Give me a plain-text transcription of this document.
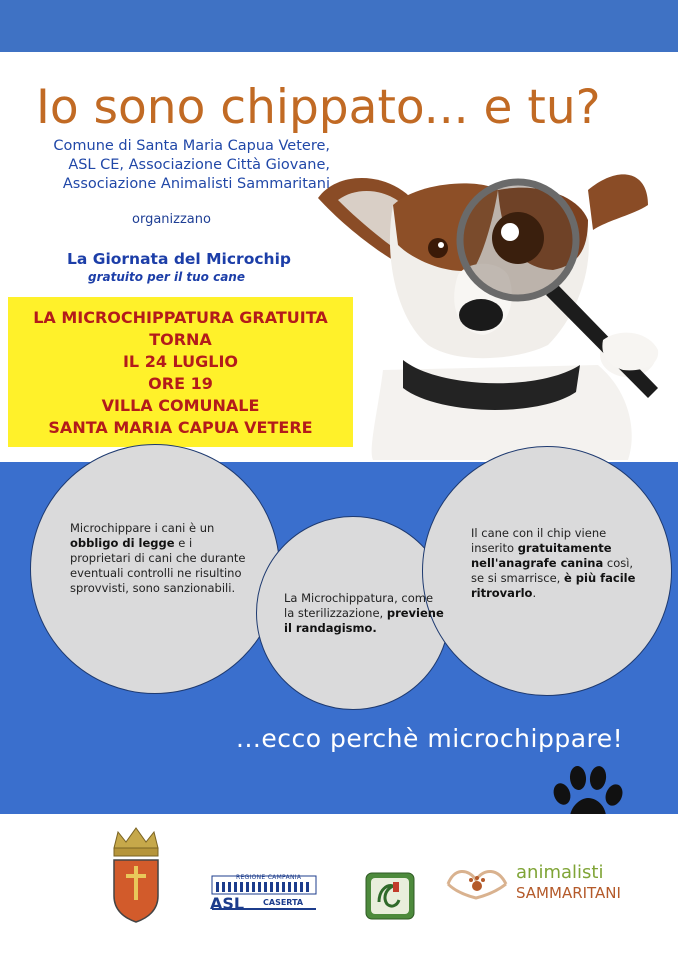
Io sono chippato... e tu?
Comune di Santa Maria Capua Vetere,
ASL CE, Associazione Città Giovane,
Associazione Animalisti Sammaritani
organizzano
La Giornata del Microchip
gratuito per il tuo cane
LA MICROCHIPPATURA GRATUITA
TORNA
IL 24 LUGLIO
ORE 19
VILLA COMUNALE
SANTA MARIA CAPUA VETERE
Microchippare i cani è un obbligo di legge e i proprietari di cani che durante eventuali controlli ne risultino sprovvisti, sono sanzionabili.
La Microchippatura, come la sterilizzazione, previene il randagismo.
Il cane con il chip viene inserito gratuitamente nell'anagrafe canina così, se si smarrisce, è più facile ritrovarlo.
...ecco perchè microchippare!
REGIONE CAMPANIA
ASL	CASERTA
animalisti
SAMMARITANI
